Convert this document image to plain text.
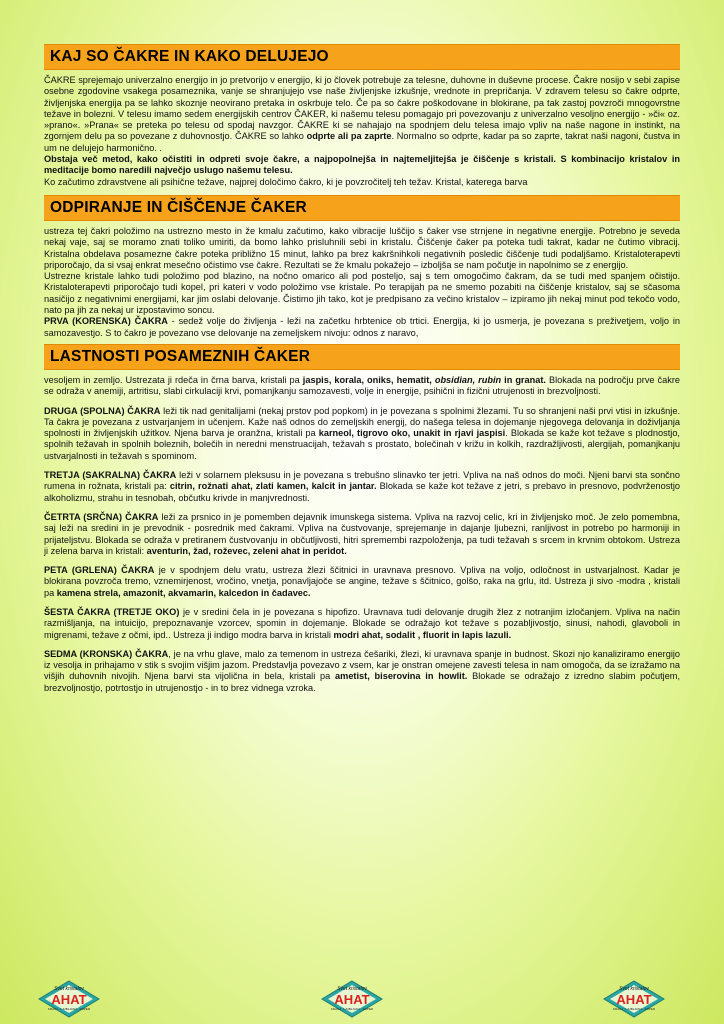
KAJ SO ČAKRE IN KAKO DELUJEJO

ČAKRE sprejemajo univerzalno energijo in jo pretvorijo v energijo, ki jo človek potrebuje za telesne, duhovne in duševne procese. Čakre nosijo v sebi zapise osebne zgodovine vsakega posameznika, vanje se shranjujejo vse naše življenjske izkušnje, vrednote in prepričanja. V zdravem telesu so čakre odprte, življenjska energija pa se lahko skoznje neovirano pretaka in oskrbuje telo. Če pa so čakre poškodovane in blokirane, pa tak zastoj povzroči mnogovrstne težave in bolezni. V telesu imamo sedem energijskih centrov ČAKER, ki našemu telesu pomagajo pri povezovanju z univerzalno vesoljno energijo - »či« oz. »prano«. »Prana« se preteka po telesu od spodaj navzgor. ČAKRE ki se nahajajo na spodnjem delu telesa imajo vpliv na naše nagone in instinkt, na zgornjem delu pa so povezane z duhovnostjo. ČAKRE so lahko odprte ali pa zaprte. Normalno so odprte, kadar pa so zaprte, takrat naši nagoni, čustva in um ne delujejo harmonično. .

Obstaja več metod, kako očistiti in odpreti svoje čakre, a najpopolnejša in najtemeljitejša je čiščenje s kristali. S kombinacijo kristalov in meditacije bomo naredili največjo uslugo našemu telesu.

Ko začutimo zdravstvene ali psihične težave, najprej določimo čakro, ki je povzročitelj teh težav. Kristal, katerega barva

ODPIRANJE IN ČIŠČENJE ČAKER

ustreza tej čakri položimo na ustrezno mesto in že kmalu začutimo, kako vibracije luščijo s čaker vse strnjene in negativne energije. Potrebno je seveda nekaj vaje, saj se moramo znati toliko umiriti, da bomo lahko prisluhnili sebi in kristalu. Čiščenje čaker pa poteka tudi takrat, kadar ne čutimo vibracij. Kristalna obdelava posamezne čakre poteka približno 15 minut, lahko pa brez kakršnihkoli negativnih posledic čiščenje tudi podaljšamo. Kristaloterapevti priporočajo, da si vsaj enkrat mesečno očistimo vse čakre. Rezultati se že kmalu pokažejo – izboljša se nam počutje in napolnimo se z energijo.

Ustrezne kristale lahko tudi položimo pod blazino, na nočno omarico ali pod posteljo, saj s tem omogočimo čakram, da se tudi med spanjem očistijo. Kristaloterapevti priporočajo tudi kopel, pri kateri v vodo položimo vse kristale. Po terapijah pa ne smemo pozabiti na čiščenje kristalov, saj se sčasoma nasičijo z negativnimi energijami, kar jim oslabi delovanje. Čistimo jih tako, kot je predpisano za večino kristalov – izpiramo jih nekaj minut pod tekočo vodo, nato pa jih za nekaj ur izpostavimo soncu.

PRVA (KORENSKA) ČAKRA - sedež volje do življenja - leži na začetku hrbtenice ob trtici. Energija, ki jo usmerja, je povezana s preživetjem, voljo in samozavestjo. S to čakro je povezano vse delovanje na zemeljskem nivoju: odnos z naravo,

LASTNOSTI POSAMEZNIH ČAKER

vesoljem in zemljo. Ustrezata ji rdeča in črna barva, kristali pa jaspis, korala, oniks, hematit, obsidian, rubin in granat. Blokada na področju prve čakre se odraža v anemiji, artritisu, slabi cirkulaciji krvi, pomanjkanju samozavesti, volje in energije, psihični in fizični utrujenosti in brezvoljnosti.

DRUGA (SPOLNA) ČAKRA leži tik nad genitalijami (nekaj prstov pod popkom) in je povezana s spolnimi žlezami. Tu so shranjeni naši prvi vtisi in izkušnje. Ta čakra je povezana z ustvarjanjem in učenjem. Kaže naš odnos do zemeljskih energij, do našega telesa in dojemanje njegovega delovanja in doživljanja spolnosti in življenjskih užitkov. Njena barva je oranžna, kristali pa karneol, tigrovo oko, unakit in rjavi jaspisi. Blokada se kaže kot težave s plodnostjo, spolnih težavah in spolnih boleznih, bolečih in neredni menstruacijah, težavah s prostato, bolečinah v križu in kolkih, razdražljivosti, alergijah, pomanjkanju ustvarjalnosti in težavah s spominom.

TRETJA (SAKRALNA) ČAKRA leži v solarnem pleksusu in je povezana s trebušno slinavko ter jetri. Vpliva na naš odnos do moči. Njeni barvi sta sončno rumena in rožnata, kristali pa: citrin, rožnati ahat, zlati kamen, kalcit in jantar. Blokada se kaže kot težave z jetri, s prebavo in presnovo, podvrženostjo alkoholizmu, strahu in tesnobah, občutku krivde in manjvrednosti.

ČETRTA (SRČNA) ČAKRA leži za prsnico in je pomemben dejavnik imunskega sistema. Vpliva na razvoj celic, kri in življenjsko moč. Je zelo pomembna, saj leži na sredini in je prevodnik - posrednik med čakrami. Vpliva na čustvovanje, sprejemanje in dajanje ljubezni, ranljivost in potrebo po harmoniji in prijateljstvu. Blokada se odraža v pretiranem čustvovanju in občutljivosti, hitri spremembi razpoloženja, pa tudi težavah s srcem in krvnim obtokom. Ustreza ji zelena barva in kristali: aventurin, žad, roževec, zeleni ahat in peridot.

PETA (GRLENA) ČAKRA je v spodnjem delu vratu, ustreza žlezi ščitnici in uravnava presnovo. Vpliva na voljo, odločnost in ustvarjalnost. Kadar je blokirana povzroča tremo, vznemirjenost, vročino, vnetja, ponavljajoče se angine, težave s ščitnico, golšo, raka na grlu, itd. Ustreza ji sivo -modra , kristali pa kamena strela, amazonit, akvamarin, kalcedon in čadavec.

ŠESTA ČAKRA (TRETJE OKO) je v sredini čela in je povezana s hipofizo. Uravnava tudi delovanje drugih žlez z notranjim izločanjem. Vpliva na način razmišljanja, na intuicijo, prepoznavanje vzorcev, spomin in dojemanje. Blokade se odražajo kot težave s pozabljivostjo, sinusi, nahodi, glavoboli in migrenami, težave z očmi, ipd.. Ustreza ji indigo modra barva in kristali modri ahat, sodalit , fluorit in lapis lazuli.

SEDMA (KRONSKA) ČAKRA, je na vrhu glave, malo za temenom in ustreza češariki, žlezi, ki uravnava spanje in budnost. Skozi njo kanaliziramo energijo iz vesolja in prihajamo v stik s svojim višjim jazom. Predstavlja povezavo z vsem, kar je onstran omejene zavesti telesa in nam omogoča, da se izražamo na višjih duhovnih nivojih. Njena barvi sta vijolična in bela, kristali pa ametist, biserovina in howlit. Blokade se odražajo z izredno slabim počutjem, brezvoljnostjo, potrtostjo in utrujenostjo - in to brez vidnega vzroka.

Svet kristalov
AHAT
KRANJ · LJUBLJANA · KOPER
Svet kristalov
AHAT
KRANJ · LJUBLJANA · KOPER
Svet kristalov
AHAT
KRANJ · LJUBLJANA · KOPER
